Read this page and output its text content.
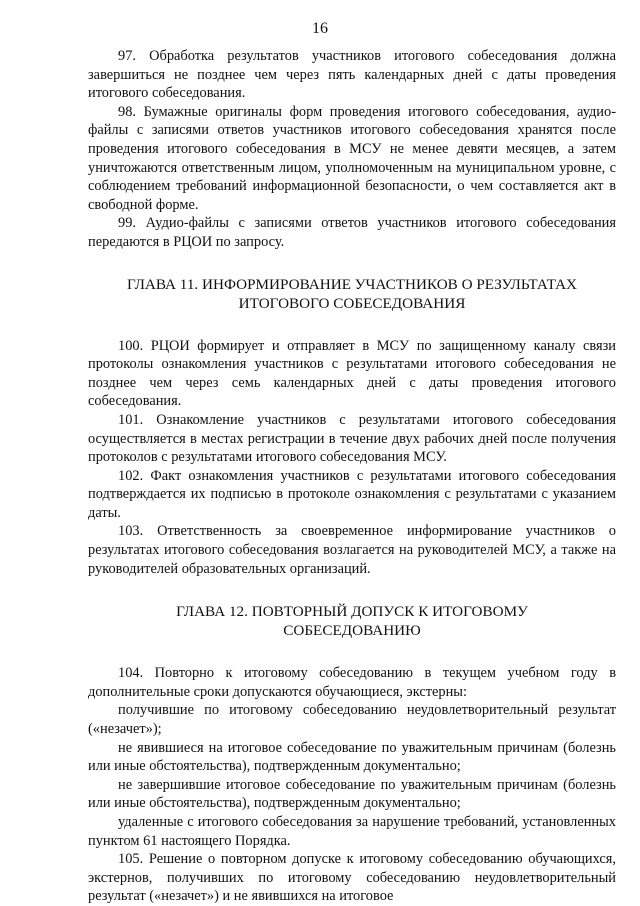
16

97. Обработка результатов участников итогового собеседования должна завершиться не позднее чем через пять календарных дней с даты проведения итогового собеседования.

98. Бумажные оригиналы форм проведения итогового собеседования, аудио-файлы с записями ответов участников итогового собеседования хранятся после проведения итогового собеседования в МСУ не менее девяти месяцев, а затем уничтожаются ответственным лицом, уполномоченным на муниципальном уровне, с соблюдением требований информационной безопасности, о чем составляется акт в свободной форме.

99. Аудио-файлы с записями ответов участников итогового собеседования передаются в РЦОИ по запросу.

ГЛАВА 11. ИНФОРМИРОВАНИЕ УЧАСТНИКОВ О РЕЗУЛЬТАТАХ
ИТОГОВОГО СОБЕСЕДОВАНИЯ

100. РЦОИ формирует и отправляет в МСУ по защищенному каналу связи протоколы ознакомления участников с результатами итогового собеседования не позднее чем через семь календарных дней с даты проведения итогового собеседования.

101. Ознакомление участников с результатами итогового собеседования осуществляется в местах регистрации в течение двух рабочих дней после получения протоколов с результатами итогового собеседования МСУ.

102. Факт ознакомления участников с результатами итогового собеседования подтверждается их подписью в протоколе ознакомления с результатами с указанием даты.

103. Ответственность за своевременное информирование участников о результатах итогового собеседования возлагается на руководителей МСУ, а также на руководителей образовательных организаций.

ГЛАВА 12. ПОВТОРНЫЙ ДОПУСК К ИТОГОВОМУ
СОБЕСЕДОВАНИЮ

104. Повторно к итоговому собеседованию в текущем учебном году в дополнительные сроки допускаются обучающиеся, экстерны:

получившие по итоговому собеседованию неудовлетворительный результат («незачет»);

не явившиеся на итоговое собеседование по уважительным причинам (болезнь или иные обстоятельства), подтвержденным документально;

не завершившие итоговое собеседование по уважительным причинам (болезнь или иные обстоятельства), подтвержденным документально;

удаленные с итогового собеседования за нарушение требований, установленных пунктом 61 настоящего Порядка.

105. Решение о повторном допуске к итоговому собеседованию обучающихся, экстернов, получивших по итоговому собеседованию неудовлетворительный результат («незачет») и не явившихся на итоговое
